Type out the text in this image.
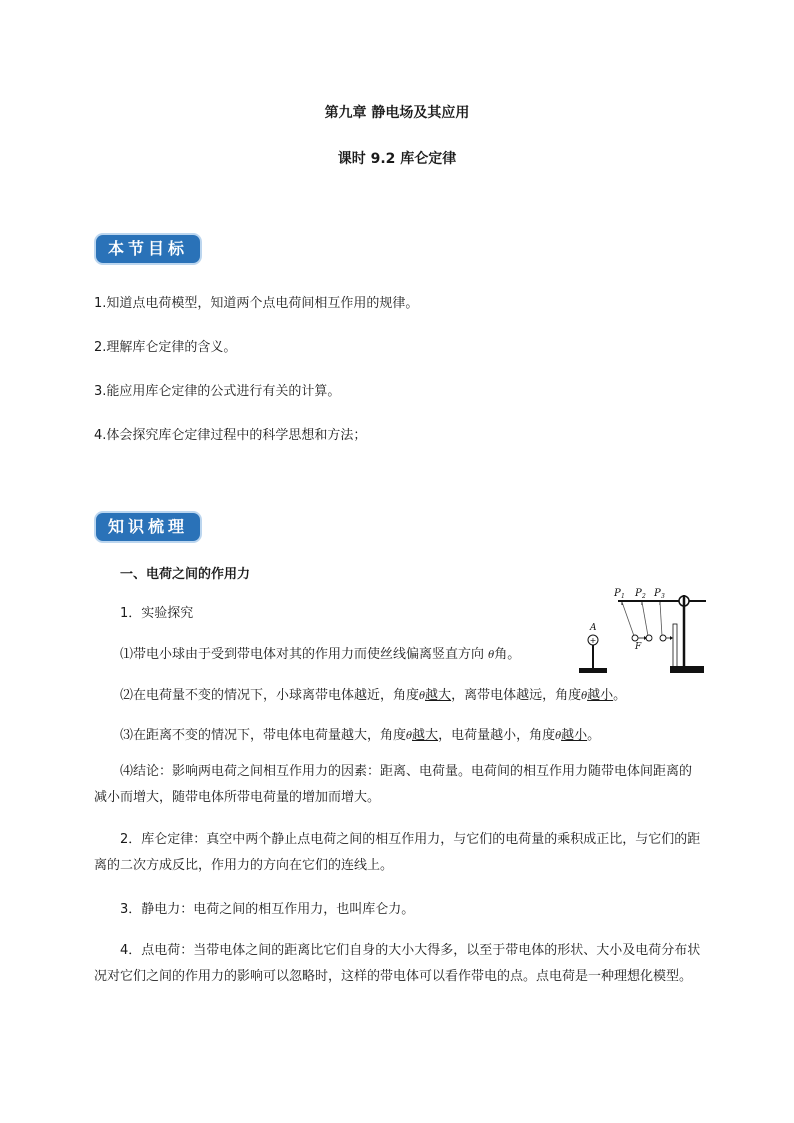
第九章 静电场及其应用
课时 9.2 库仑定律
本节目标
1.知道点电荷模型，知道两个点电荷间相互作用的规律。
2.理解库仑定律的含义。
3.能应用库仑定律的公式进行有关的计算。
4.体会探究库仑定律过程中的科学思想和方法；
知识梳理
一、电荷之间的作用力
1．实验探究
⑴带电小球由于受到带电体对其的作用力而使丝线偏离竖直方向 θ角。
⑵在电荷量不变的情况下，小球离带电体越近，角度θ越大，离带电体越远，角度θ越小。
⑶在距离不变的情况下，带电体电荷量越大，角度θ越大，电荷量越小，角度θ越小。
⑷结论：影响两电荷之间相互作用力的因素：距离、电荷量。电荷间的相互作用力随带电体间距离的减小而增大，随带电体所带电荷量的增加而增大。
2．库仑定律：真空中两个静止点电荷之间的相互作用力，与它们的电荷量的乘积成正比，与它们的距离的二次方成反比，作用力的方向在它们的连线上。
3．静电力：电荷之间的相互作用力，也叫库仑力。
4．点电荷：当带电体之间的距离比它们自身的大小大得多，以至于带电体的形状、大小及电荷分布状况对它们之间的作用力的影响可以忽略时，这样的带电体可以看作带电的点。点电荷是一种理想化模型。
P 1 P 2 P 3
A
F
+
